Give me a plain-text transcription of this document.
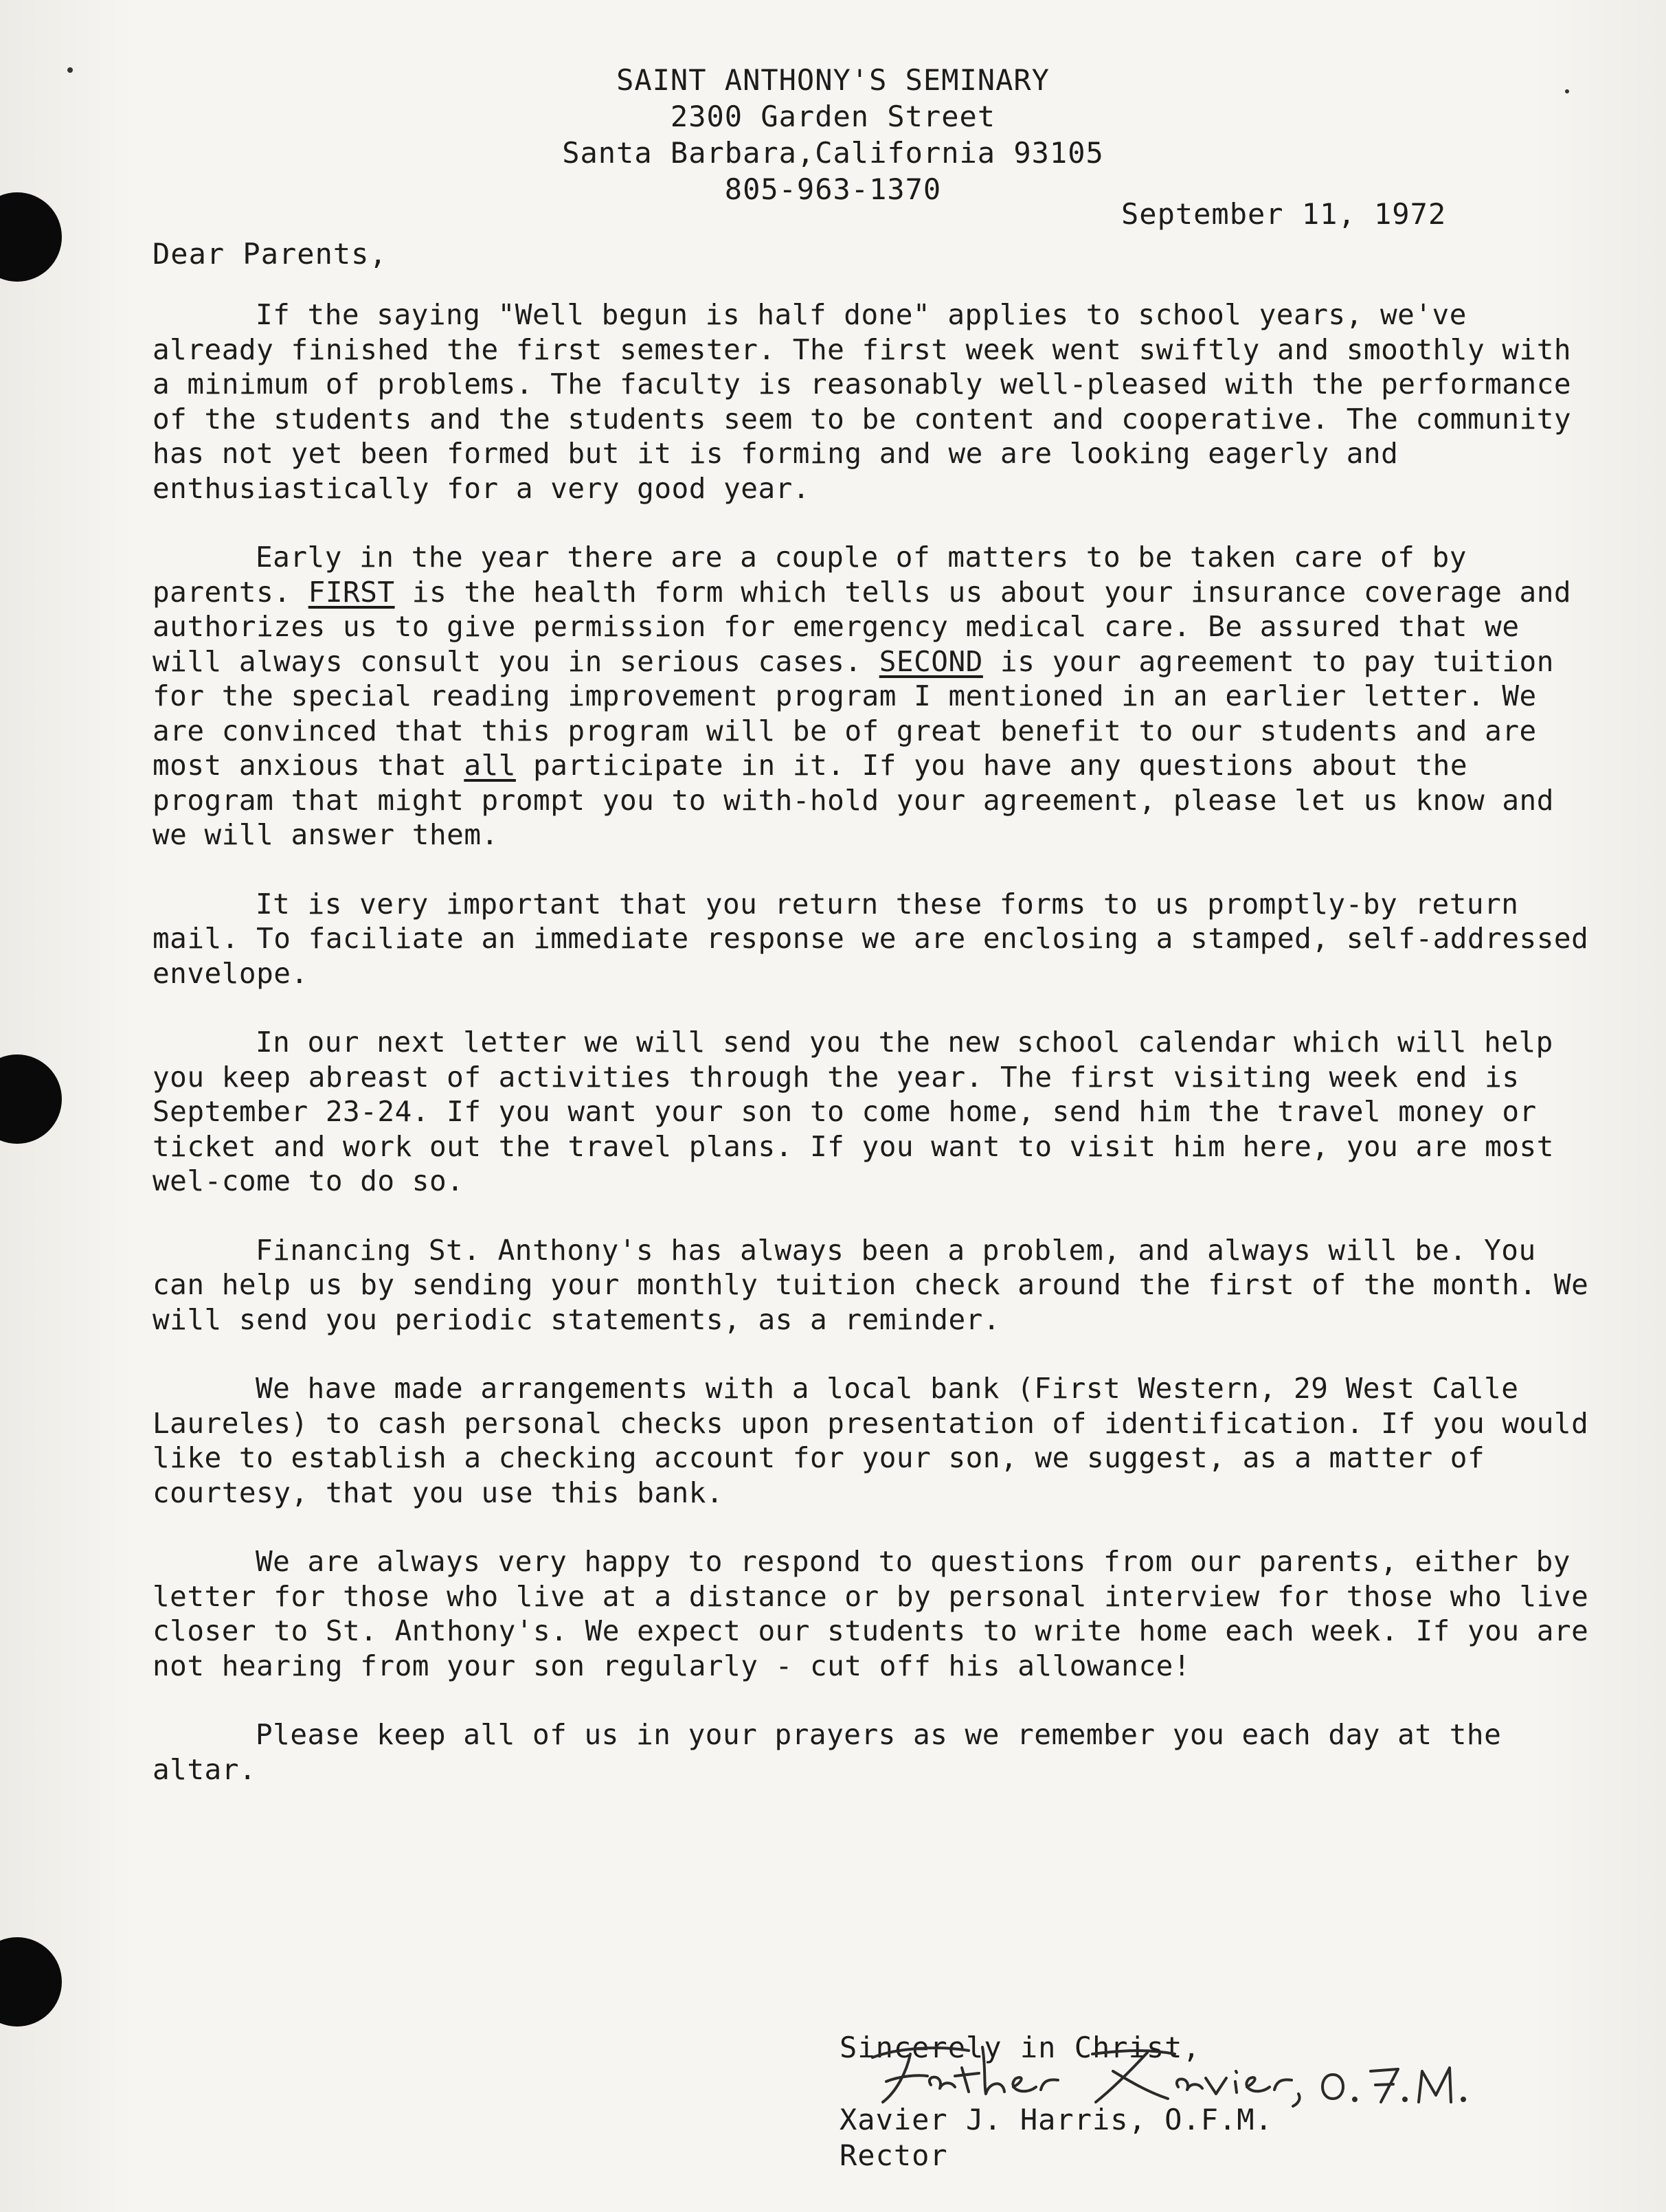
SAINT ANTHONY'S SEMINARY
2300 Garden Street
Santa Barbara,California 93105
805-963-1370
September 11, 1972
Dear Parents,

If the saying "Well begun is half done" applies to school years, we've already finished the first semester. The first week went swiftly and smoothly with a minimum of problems. The faculty is reasonably well-pleased with the performance of the students and the students seem to be content and cooperative. The community has not yet been formed but it is forming and we are looking eagerly and enthusiastically for a very good year.

Early in the year there are a couple of matters to be taken care of by parents. FIRST is the health form which tells us about your insurance coverage and authorizes us to give permission for emergency medical care. Be assured that we will always consult you in serious cases. SECOND is your agreement to pay tuition for the special reading improvement program I mentioned in an earlier letter. We are convinced that this program will be of great benefit to our students and are most anxious that all participate in it. If you have any questions about the program that might prompt you to with-hold your agreement, please let us know and we will answer them.

It is very important that you return these forms to us promptly-by return mail. To faciliate an immediate response we are enclosing a stamped, self-addressed envelope.

In our next letter we will send you the new school calendar which will help you keep abreast of activities through the year. The first visiting week end is September 23-24. If you want your son to come home, send him the travel money or ticket and work out the travel plans. If you want to visit him here, you are most wel-come to do so.

Financing St. Anthony's has always been a problem, and always will be. You can help us by sending your monthly tuition check around the first of the month. We will send you periodic statements, as a reminder.

We have made arrangements with a local bank (First Western, 29 West Calle Laureles) to cash personal checks upon presentation of identification. If you would like to establish a checking account for your son, we suggest, as a matter of courtesy, that you use this bank.

We are always very happy to respond to questions from our parents, either by letter for those who live at a distance or by personal interview for those who live closer to St. Anthony's. We expect our students to write home each week. If you are not hearing from your son regularly - cut off his allowance!

Please keep all of us in your prayers as we remember you each day at the altar.

Sincerely in Christ,
Xavier J. Harris, O.F.M.
Rector
